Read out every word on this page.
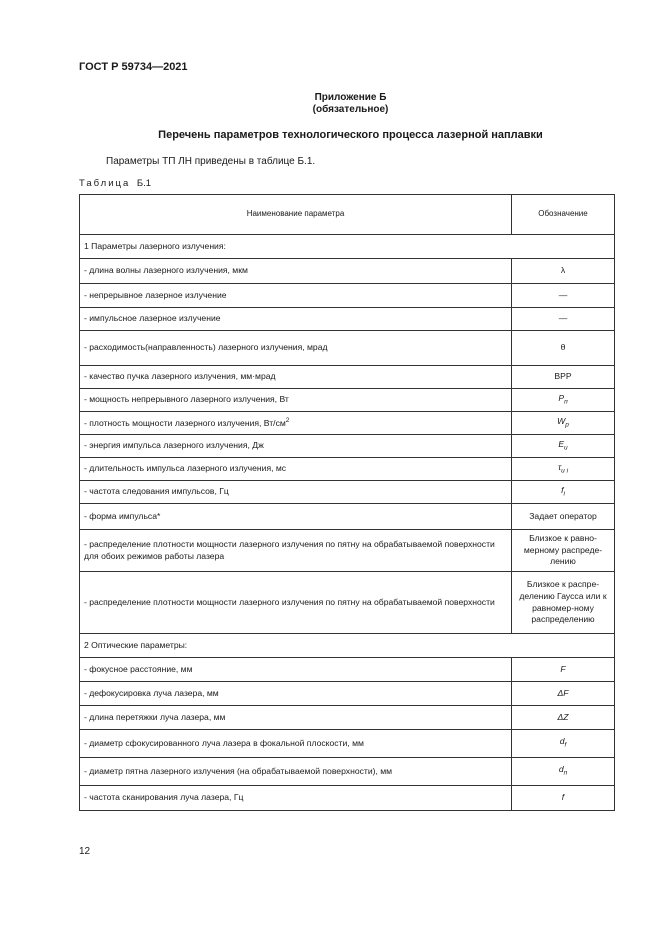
ГОСТ Р 59734—2021
Приложение Б
(обязательное)
Перечень параметров технологического процесса лазерной наплавки
Параметры ТП ЛН приведены в таблице Б.1.
Таблица Б.1
Наименование параметра	Обозначение
1 Параметры лазерного излучения:	
- длина волны лазерного излучения, мкм	λ
- непрерывное лазерное излучение	—
- импульсное лазерное излучение	—
- расходимость(направленность) лазерного излучения, мрад	θ
- качество пучка лазерного излучения, мм·мрад	BPP
- мощность непрерывного лазерного излучения, Вт	$P_п$
- плотность мощности лазерного излучения, $Вт/см^2$	$W_р$
- энергия импульса лазерного излучения, Дж	$E_и$
- длительность импульса лазерного излучения, мс	$\tau_{и i}$
- частота следования импульсов, Гц	$f_i$
- форма импульса*	Задает оператор
- распределение плотности мощности лазерного излучения по пятну на обрабатываемой поверхности для обоих режимов работы лазера	Близкое к равно-мерному распреде-лению
- распределение плотности мощности лазерного излучения по пятну на обрабатываемой поверхности	Близкое к распре-делению Гаусса или к равномер-ному распределению
2 Оптические параметры:	
- фокусное расстояние, мм	F
- дефокусировка луча лазера, мм	ΔF
- длина перетяжки луча лазера, мм	ΔZ
- диаметр сфокусированного луча лазера в фокальной плоскости, мм	$d_f$
- диаметр пятна лазерного излучения (на обрабатываемой поверхности), мм	$d_п$
- частота сканирования луча лазера, Гц	f
12
